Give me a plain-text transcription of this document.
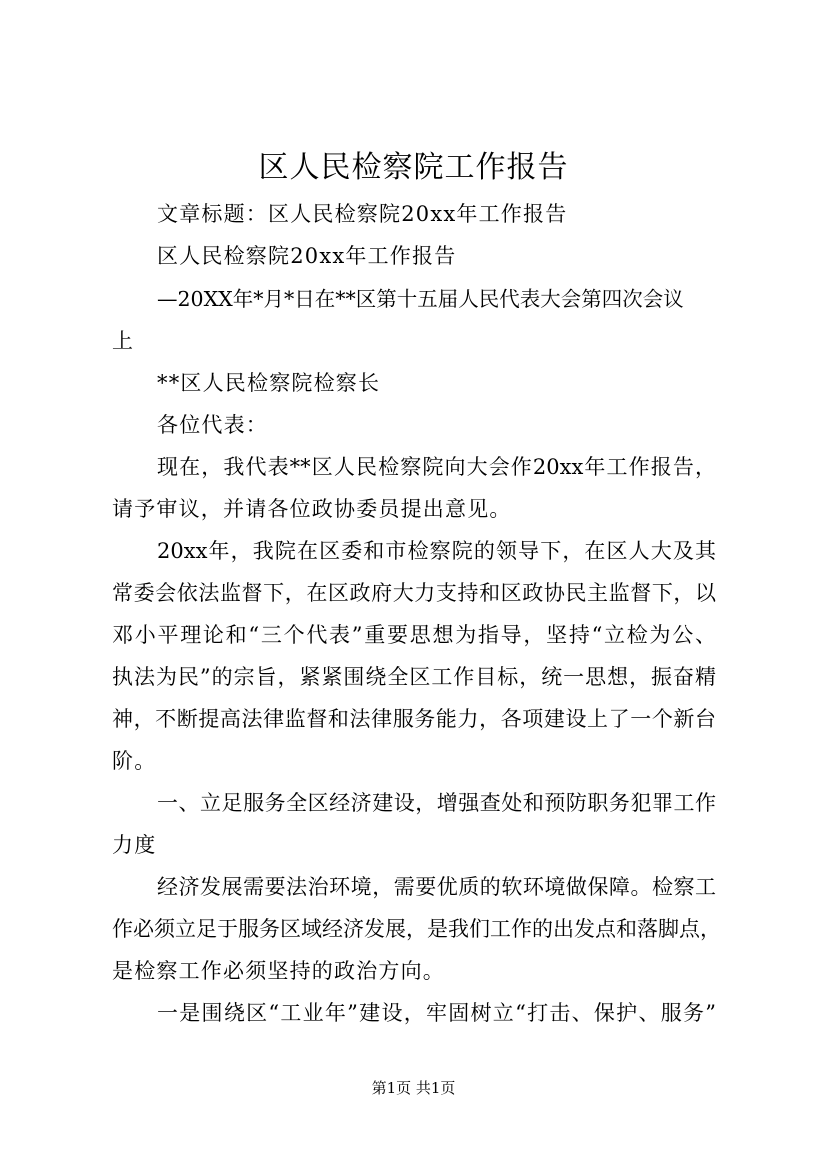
区人民检察院工作报告
文章标题：区人民检察院20xx年工作报告
区人民检察院20xx年工作报告
—20XX年*月*日在**区第十五届人民代表大会第四次会议
上
**区人民检察院检察长
各位代表：
现在，我代表**区人民检察院向大会作20xx年工作报告，
请予审议，并请各位政协委员提出意见。
20xx年，我院在区委和市检察院的领导下，在区人大及其
常委会依法监督下，在区政府大力支持和区政协民主监督下，以
邓小平理论和“三个代表”重要思想为指导，坚持“立检为公、
执法为民”的宗旨，紧紧围绕全区工作目标，统一思想，振奋精
神，不断提高法律监督和法律服务能力，各项建设上了一个新台
阶。
一、立足服务全区经济建设，增强查处和预防职务犯罪工作
力度
经济发展需要法治环境，需要优质的软环境做保障。检察工
作必须立足于服务区域经济发展，是我们工作的出发点和落脚点，
是检察工作必须坚持的政治方向。
一是围绕区“工业年”建设，牢固树立“打击、保护、服务”
第1页 共1页
